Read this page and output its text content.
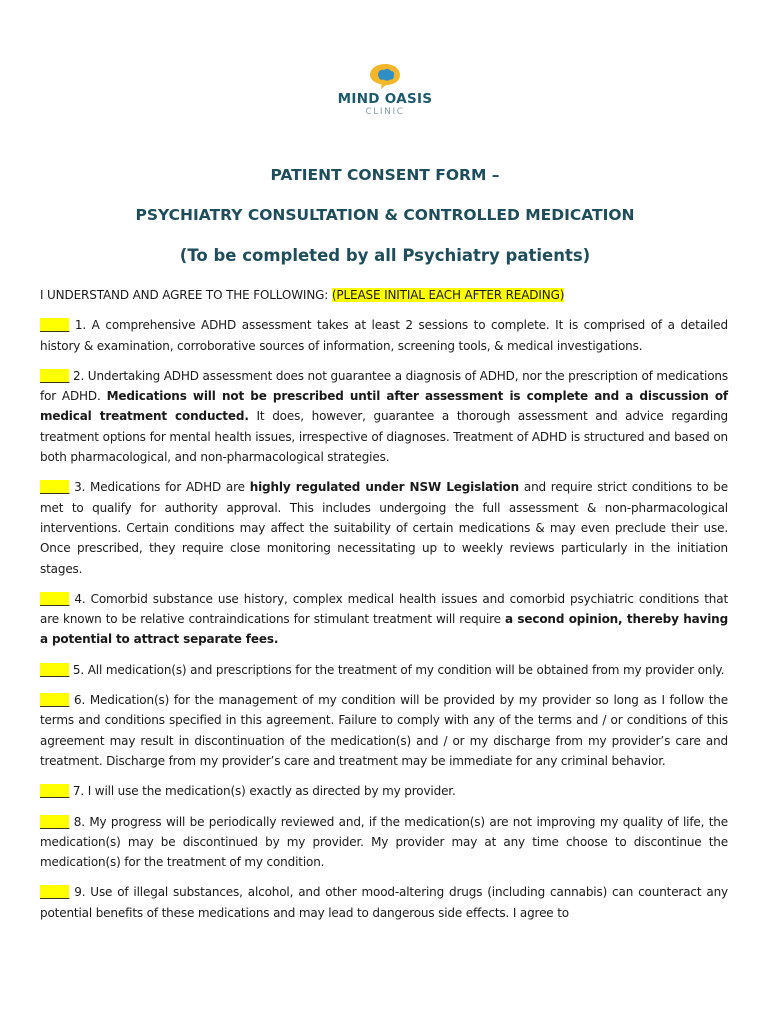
MIND OASIS
CLINIC
PATIENT CONSENT FORM –
PSYCHIATRY CONSULTATION & CONTROLLED MEDICATION
(To be completed by all Psychiatry patients)

I UNDERSTAND AND AGREE TO THE FOLLOWING: (PLEASE INITIAL EACH AFTER READING)

_____ 1. A comprehensive ADHD assessment takes at least 2 sessions to complete. It is comprised of a detailed history & examination, corroborative sources of information, screening tools, & medical investigations.

_____ 2. Undertaking ADHD assessment does not guarantee a diagnosis of ADHD, nor the prescription of medications for ADHD. Medications will not be prescribed until after assessment is complete and a discussion of medical treatment conducted. It does, however, guarantee a thorough assessment and advice regarding treatment options for mental health issues, irrespective of diagnoses. Treatment of ADHD is structured and based on both pharmacological, and non-pharmacological strategies.

_____ 3. Medications for ADHD are highly regulated under NSW Legislation and require strict conditions to be met to qualify for authority approval. This includes undergoing the full assessment & non-pharmacological interventions. Certain conditions may affect the suitability of certain medications & may even preclude their use. Once prescribed, they require close monitoring necessitating up to weekly reviews particularly in the initiation stages.

_____ 4. Comorbid substance use history, complex medical health issues and comorbid psychiatric conditions that are known to be relative contraindications for stimulant treatment will require a second opinion, thereby having a potential to attract separate fees.

_____ 5. All medication(s) and prescriptions for the treatment of my condition will be obtained from my provider only.

_____ 6. Medication(s) for the management of my condition will be provided by my provider so long as I follow the terms and conditions specified in this agreement. Failure to comply with any of the terms and / or conditions of this agreement may result in discontinuation of the medication(s) and / or my discharge from my provider’s care and treatment. Discharge from my provider’s care and treatment may be immediate for any criminal behavior.

_____ 7. I will use the medication(s) exactly as directed by my provider.

_____ 8. My progress will be periodically reviewed and, if the medication(s) are not improving my quality of life, the medication(s) may be discontinued by my provider. My provider may at any time choose to discontinue the medication(s) for the treatment of my condition.

_____ 9. Use of illegal substances, alcohol, and other mood-altering drugs (including cannabis) can counteract any potential benefits of these medications and may lead to dangerous side effects. I agree to
